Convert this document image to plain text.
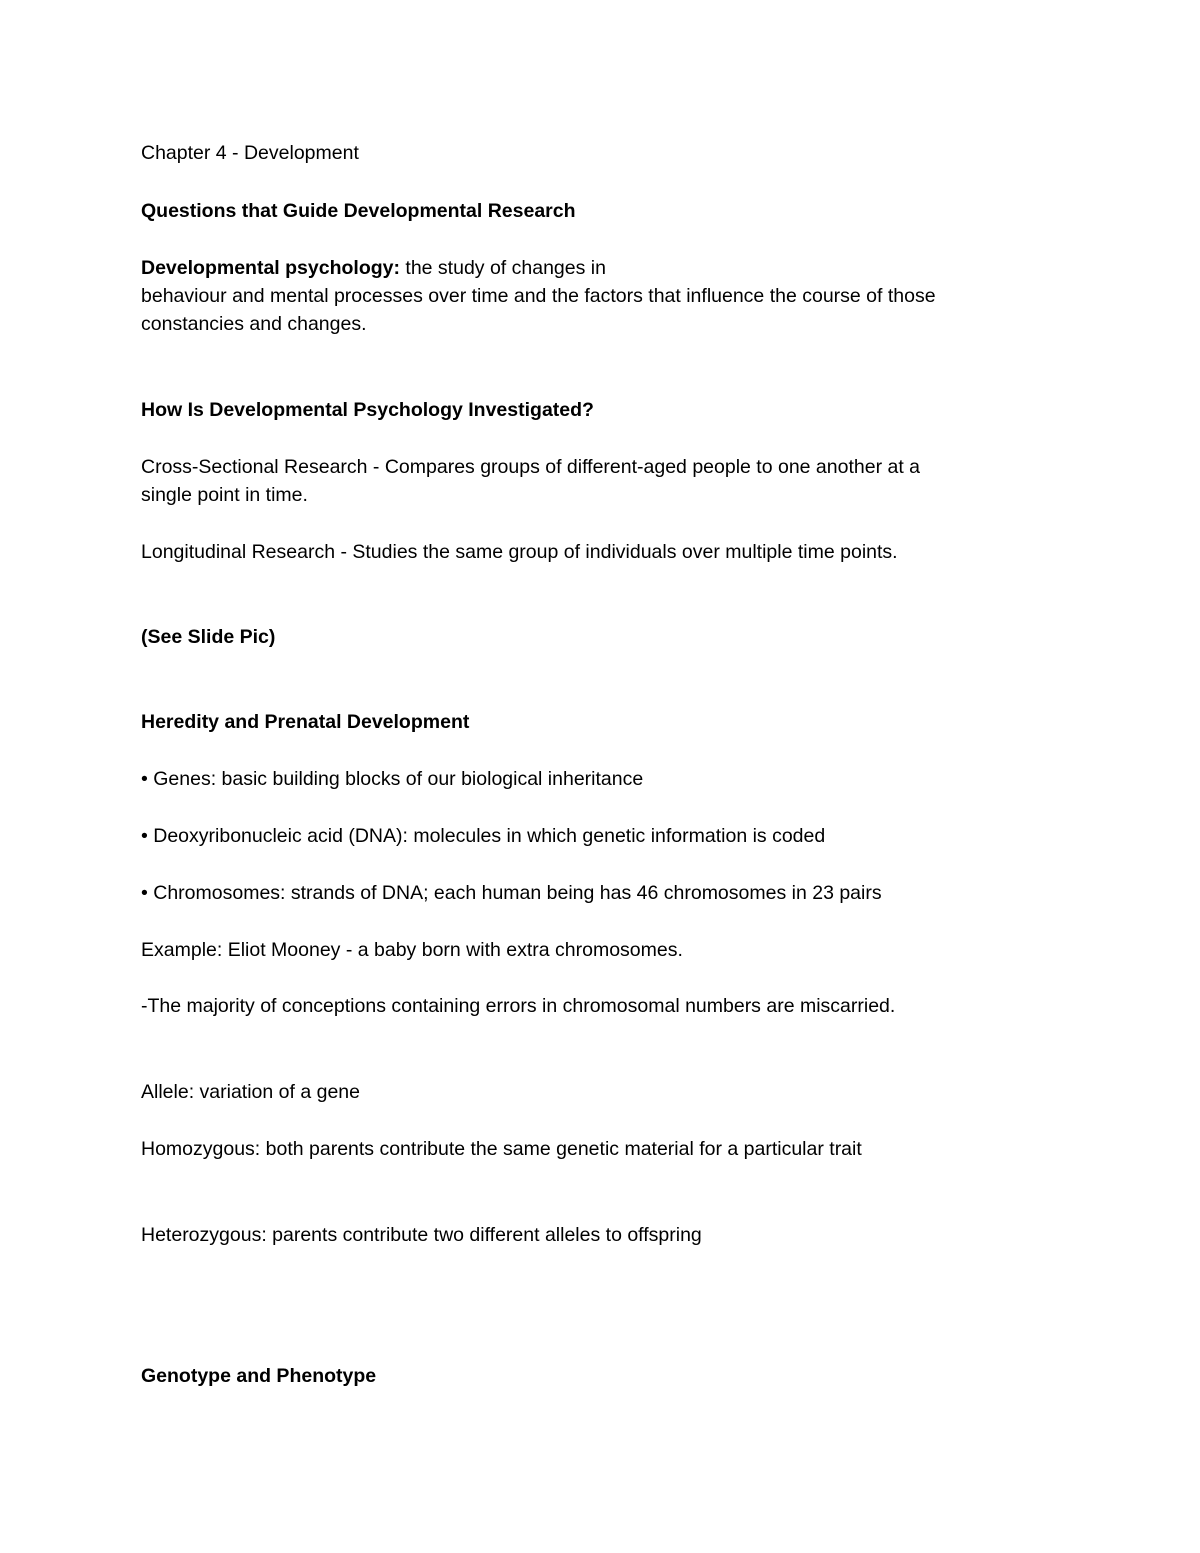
Chapter 4 - Development

Questions that Guide Developmental Research

Developmental psychology: the study of changes in

behaviour and mental processes over time and the factors that influence the course of those

constancies and changes.

How Is Developmental Psychology Investigated?

Cross-Sectional Research - Compares groups of different-aged people to one another at a

single point in time.

Longitudinal Research - Studies the same group of individuals over multiple time points.

(See Slide Pic)

Heredity and Prenatal Development

• Genes: basic building blocks of our biological inheritance

• Deoxyribonucleic acid (DNA): molecules in which genetic information is coded

• Chromosomes: strands of DNA; each human being has 46 chromosomes in 23 pairs

Example: Eliot Mooney - a baby born with extra chromosomes.

-The majority of conceptions containing errors in chromosomal numbers are miscarried.

Allele: variation of a gene

Homozygous: both parents contribute the same genetic material for a particular trait

Heterozygous: parents contribute two different alleles to offspring

Genotype and Phenotype
